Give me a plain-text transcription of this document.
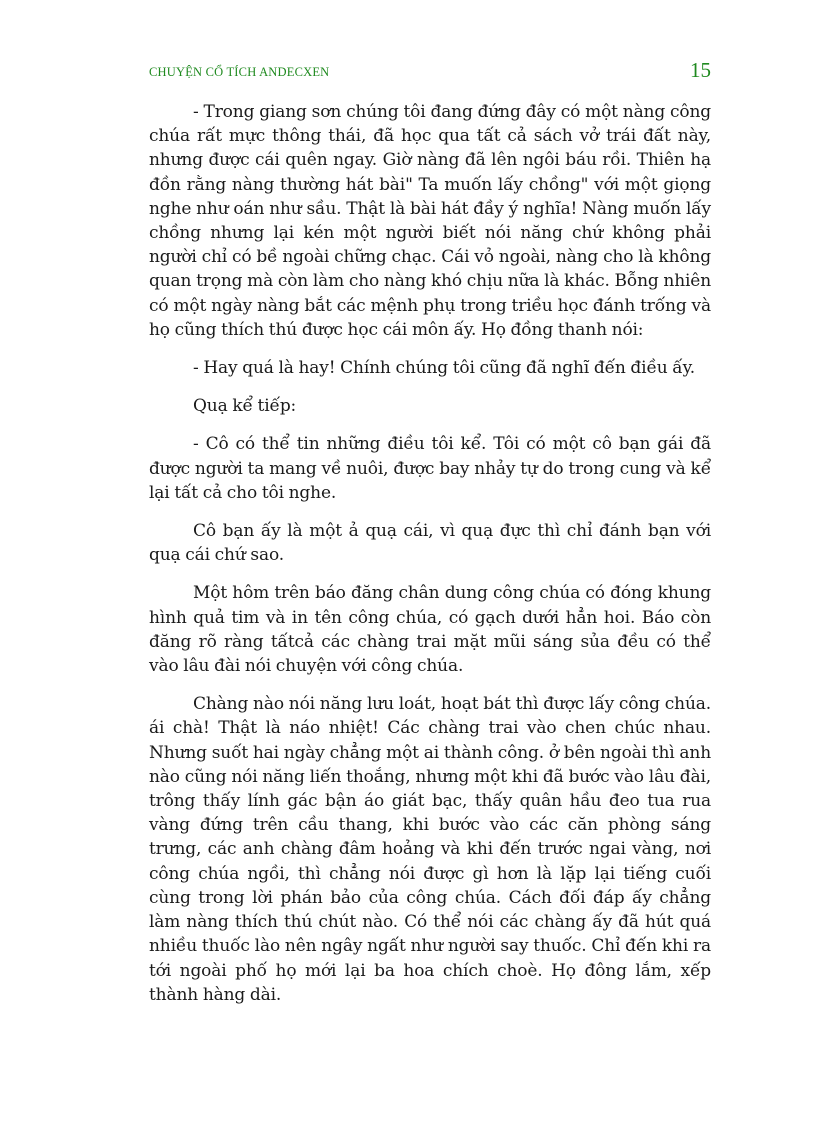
CHUYỆN CỔ TÍCH ANDECXEN	15

- Trong giang sơn chúng tôi đang đứng đây có một nàng công chúa rất mực thông thái, đã học qua tất cả sách vở trái đất này, nhưng được cái quên ngay. Giờ nàng đã lên ngôi báu rồi. Thiên hạ đồn rằng nàng thường hát bài" Ta muốn lấy chồng" với một giọng nghe như oán như sầu. Thật là bài hát đầy ý nghĩa! Nàng muốn lấy chồng nhưng lại kén một người biết nói năng chứ không phải người chỉ có bề ngoài chững chạc. Cái vỏ ngoài, nàng cho là không quan trọng mà còn làm cho nàng khó chịu nữa là khác. Bỗng nhiên có một ngày nàng bắt các mệnh phụ trong triều học đánh trống và họ cũng thích thú được học cái môn ấy. Họ đồng thanh nói:

- Hay quá là hay! Chính chúng tôi cũng đã nghĩ đến điều ấy.

Quạ kể tiếp:

- Cô có thể tin những điều tôi kể. Tôi có một cô bạn gái đã được người ta mang về nuôi, được bay nhảy tự do trong cung và kể lại tất cả cho tôi nghe.

Cô bạn ấy là một ả quạ cái, vì quạ đực thì chỉ đánh bạn với quạ cái chứ sao.

Một hôm trên báo đăng chân dung công chúa có đóng khung hình quả tim và in tên công chúa, có gạch dưới hẳn hoi. Báo còn đăng rõ ràng tấtcả các chàng trai mặt mũi sáng sủa đều có thể vào lâu đài nói chuyện với công chúa.

Chàng nào nói năng lưu loát, hoạt bát thì được lấy công chúa. ái chà! Thật là náo nhiệt! Các chàng trai vào chen chúc nhau. Nhưng suốt hai ngày chẳng một ai thành công. ở bên ngoài thì anh nào cũng nói năng liến thoắng, nhưng một khi đã bước vào lâu đài, trông thấy lính gác bận áo giát bạc, thấy quân hầu đeo tua rua vàng đứng trên cầu thang, khi bước vào các căn phòng sáng trưng, các anh chàng đâm hoảng và khi đến trước ngai vàng, nơi công chúa ngồi, thì chẳng nói được gì hơn là lặp lại tiếng cuối cùng trong lời phán bảo của công chúa. Cách đối đáp ấy chẳng làm nàng thích thú chút nào. Có thể nói các chàng ấy đã hút quá nhiều thuốc lào nên ngây ngất như người say thuốc. Chỉ đến khi ra tới ngoài phố họ mới lại ba hoa chích choè. Họ đông lắm, xếp thành hàng dài.
